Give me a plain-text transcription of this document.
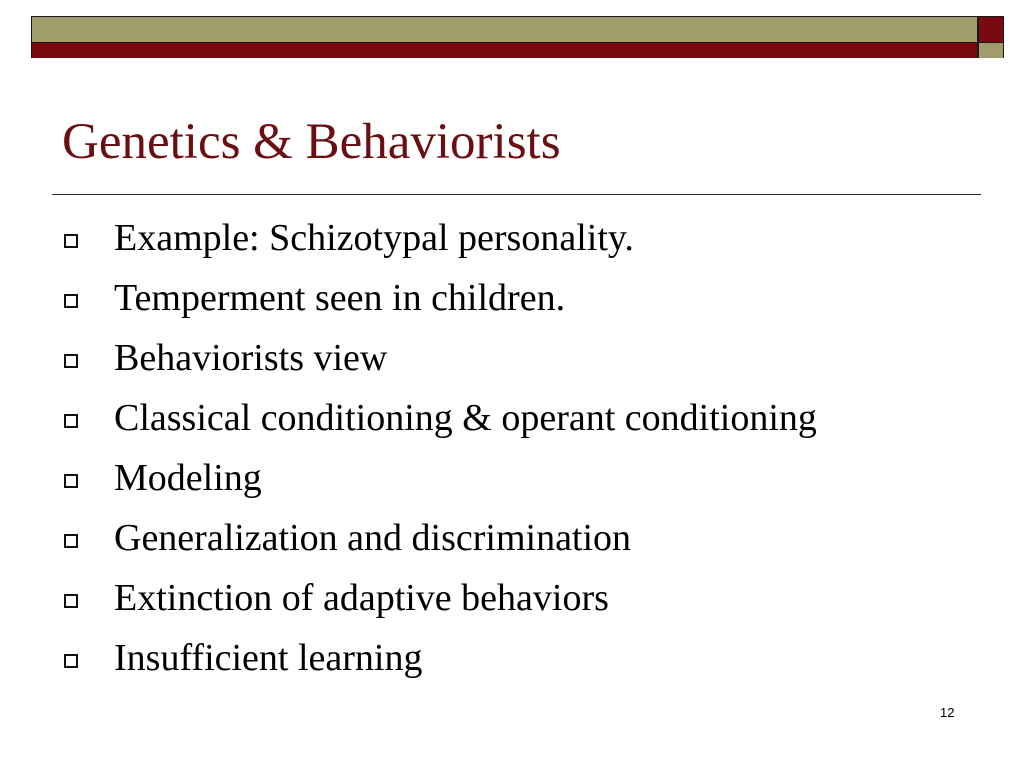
Genetics & Behaviorists
Example: Schizotypal personality.
Temperment seen in children.
Behaviorists view
Classical conditioning & operant conditioning
Modeling
Generalization and discrimination
Extinction of adaptive behaviors
Insufficient learning
12
